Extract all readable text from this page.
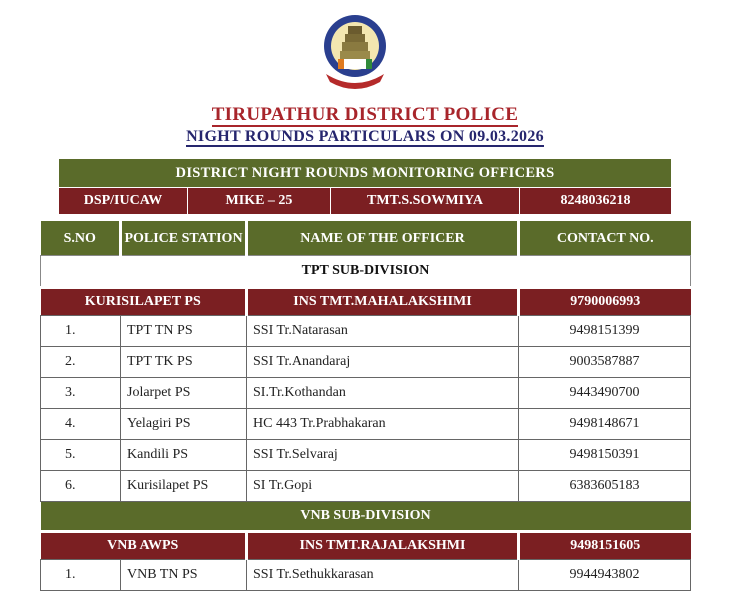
TIRUPATHUR DISTRICT POLICE
NIGHT ROUNDS PARTICULARS ON 09.03.2026
DISTRICT NIGHT ROUNDS MONITORING OFFICERS
DSP/IUCAW	MIKE – 25	TMT.S.SOWMIYA	8248036218
S.NO	POLICE STATION	NAME OF THE OFFICER	CONTACT NO.
TPT SUB-DIVISION			
KURISILAPET PS		INS TMT.MAHALAKSHIMI	9790006993
1.	TPT TN PS	SSI Tr.Natarasan	9498151399
2.	TPT TK PS	SSI Tr.Anandaraj	9003587887
3.	Jolarpet PS	SI.Tr.Kothandan	9443490700
4.	Yelagiri PS	HC 443 Tr.Prabhakaran	9498148671
5.	Kandili PS	SSI Tr.Selvaraj	9498150391
6.	Kurisilapet PS	SI Tr.Gopi	6383605183
VNB SUB-DIVISION			
VNB AWPS		INS TMT.RAJALAKSHMI	9498151605
1.	VNB TN PS	SSI Tr.Sethukkarasan	9944943802
